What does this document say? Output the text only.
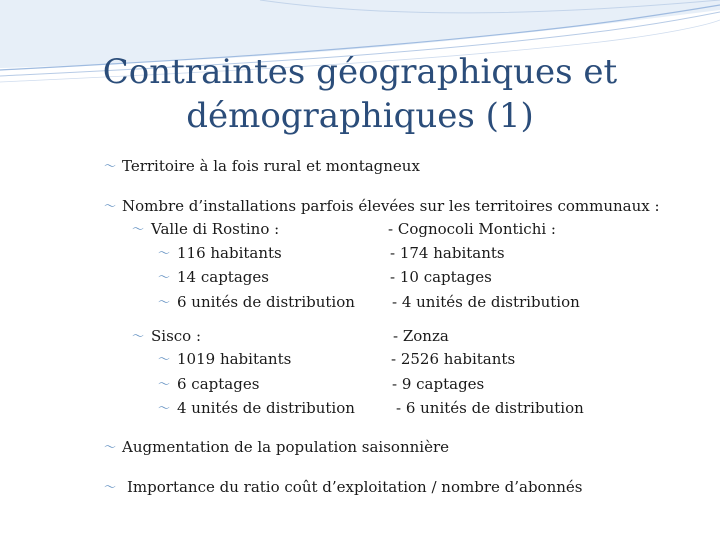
Contraintes géographiques et
démographiques (1)
〜 Territoire à la fois rural et montagneux
〜 Nombre d’installations parfois élevées sur les territoires communaux :
〜 Valle di Rostino :	- Cognocoli Montichi :
〜 116 habitants	- 174 habitants
〜 14 captages	- 10 captages
〜 6 unités de distribution - 4 unités de distribution
〜 Sisco :	- Zonza
〜 1019 habitants	- 2526 habitants
〜 6 captages	- 9 captages
〜 4 unités de distribution	- 6 unités de distribution
〜 Augmentation de la population saisonnière
〜 Importance du ratio coût d’exploitation / nombre d’abonnés
